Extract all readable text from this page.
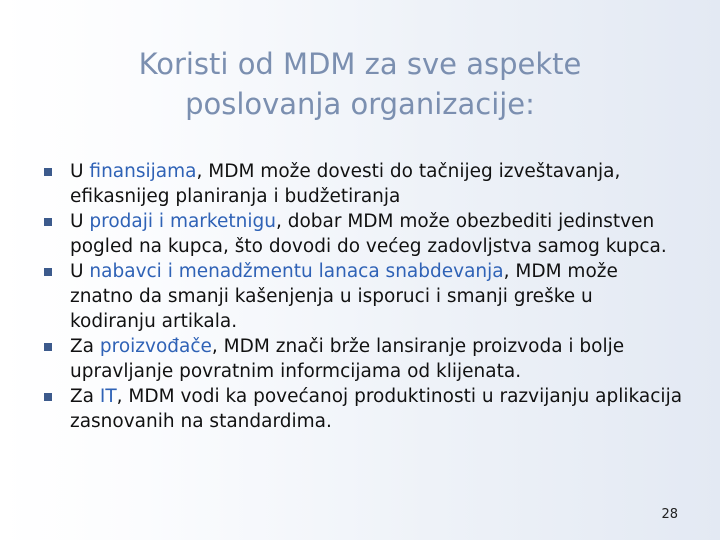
Koristi od MDM za sve aspekte
poslovanja organizacije:
U finansijama, MDM može dovesti do tačnijeg izveštavanja, efikasnijeg planiranja i budžetiranja
U prodaji i marketnigu, dobar MDM može obezbediti jedinstven pogled na kupca, što dovodi do većeg zadovljstva samog kupca.
U nabavci i menadžmentu lanaca snabdevanja, MDM može znatno da smanji kašenjenja u isporuci i smanji greške u kodiranju artikala.
Za proizvođače, MDM znači brže lansiranje proizvoda i bolje upravljanje povratnim informcijama od klijenata.
Za IT, MDM vodi ka povećanoj produktinosti u razvijanju aplikacija zasnovanih na standardima.
28
